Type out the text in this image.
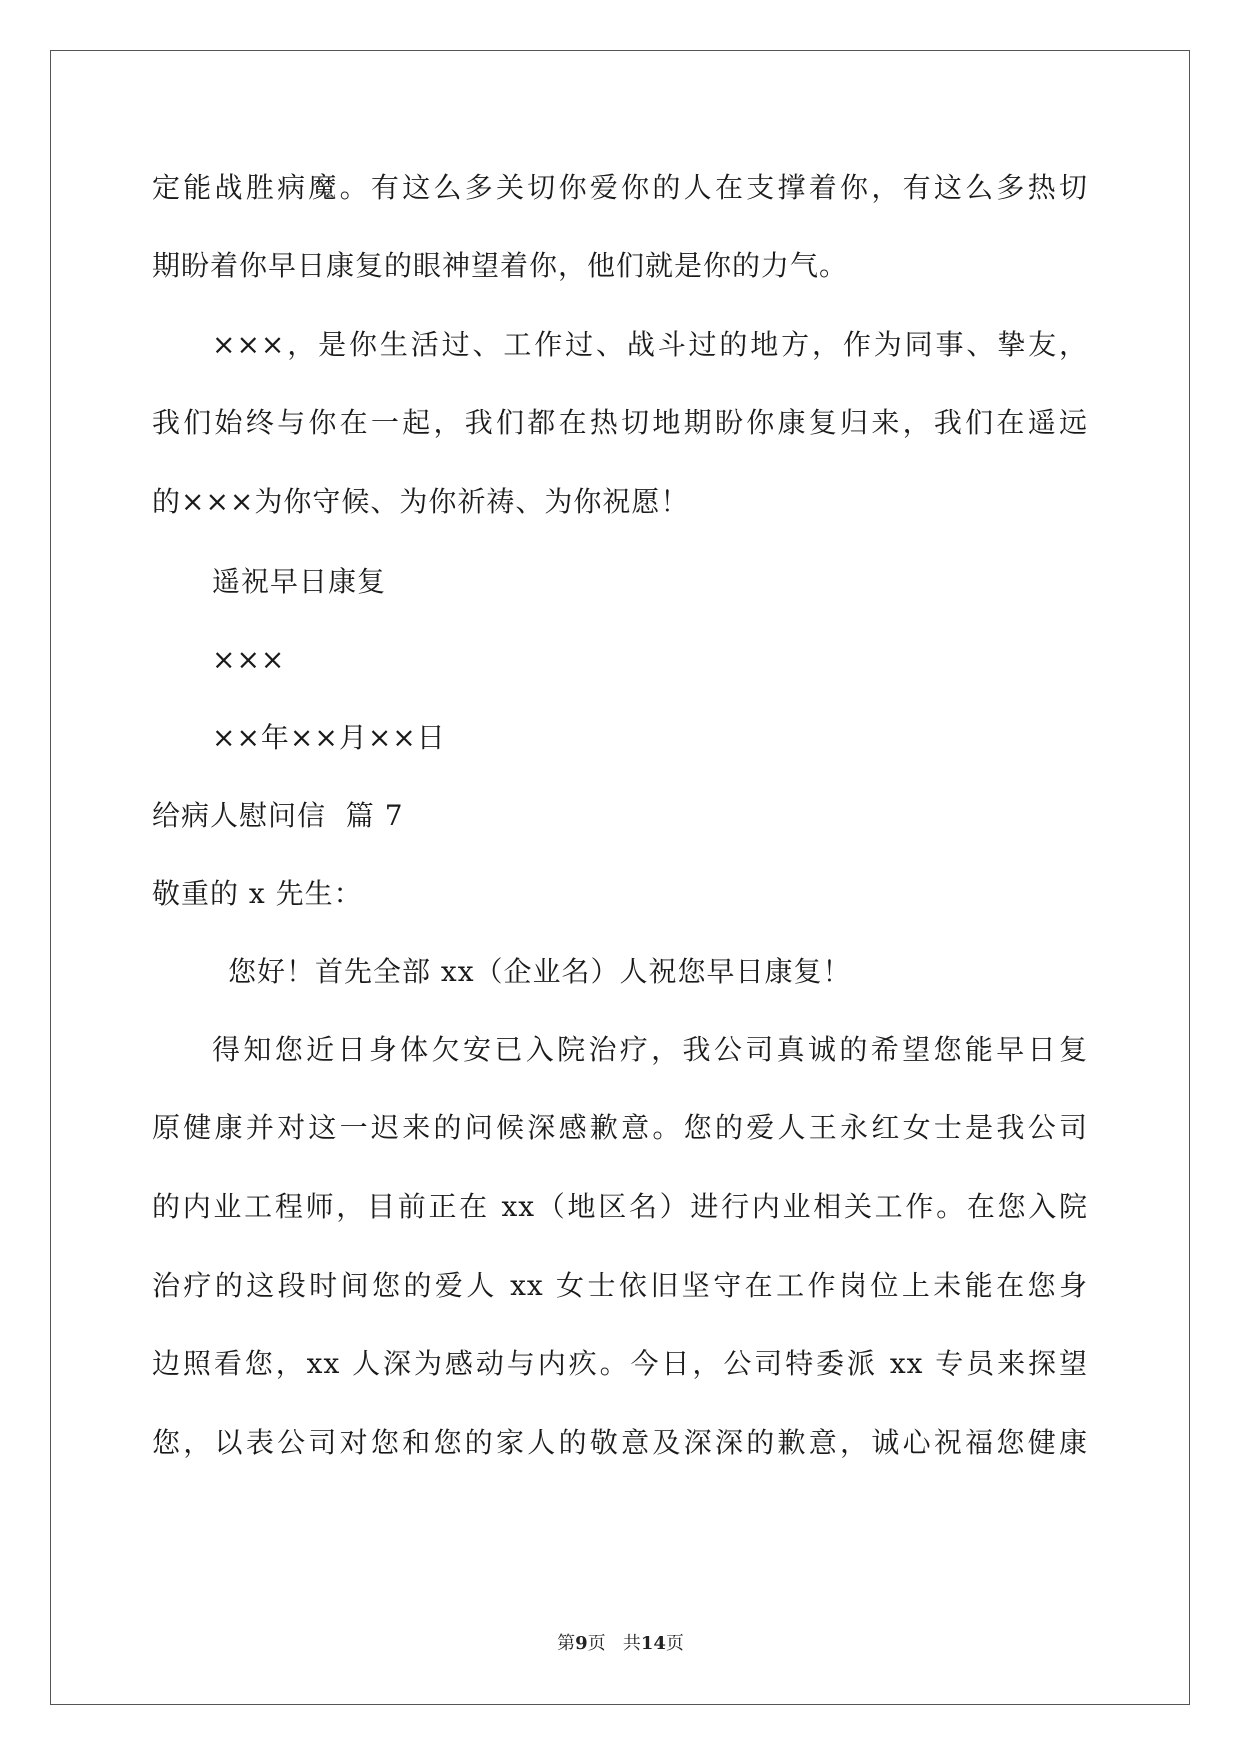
定能战胜病魔。有这么多关切你爱你的人在支撑着你，有这么多热切
期盼着你早日康复的眼神望着你，他们就是你的力气。
×××，是你生活过、工作过、战斗过的地方，作为同事、挚友，
我们始终与你在一起，我们都在热切地期盼你康复归来，我们在遥远
的×××为你守候、为你祈祷、为你祝愿！
遥祝早日康复
×××
××年××月××日
给病人慰问信  篇 7
敬重的 x 先生：
您好！首先全部 xx（企业名）人祝您早日康复！
得知您近日身体欠安已入院治疗，我公司真诚的希望您能早日复
原健康并对这一迟来的问候深感歉意。您的爱人王永红女士是我公司
的内业工程师，目前正在 xx（地区名）进行内业相关工作。在您入院
治疗的这段时间您的爱人 xx 女士依旧坚守在工作岗位上未能在您身
边照看您，xx 人深为感动与内疚。今日，公司特委派 xx 专员来探望
您，以表公司对您和您的家人的敬意及深深的歉意，诚心祝福您健康
第9页 共14页
